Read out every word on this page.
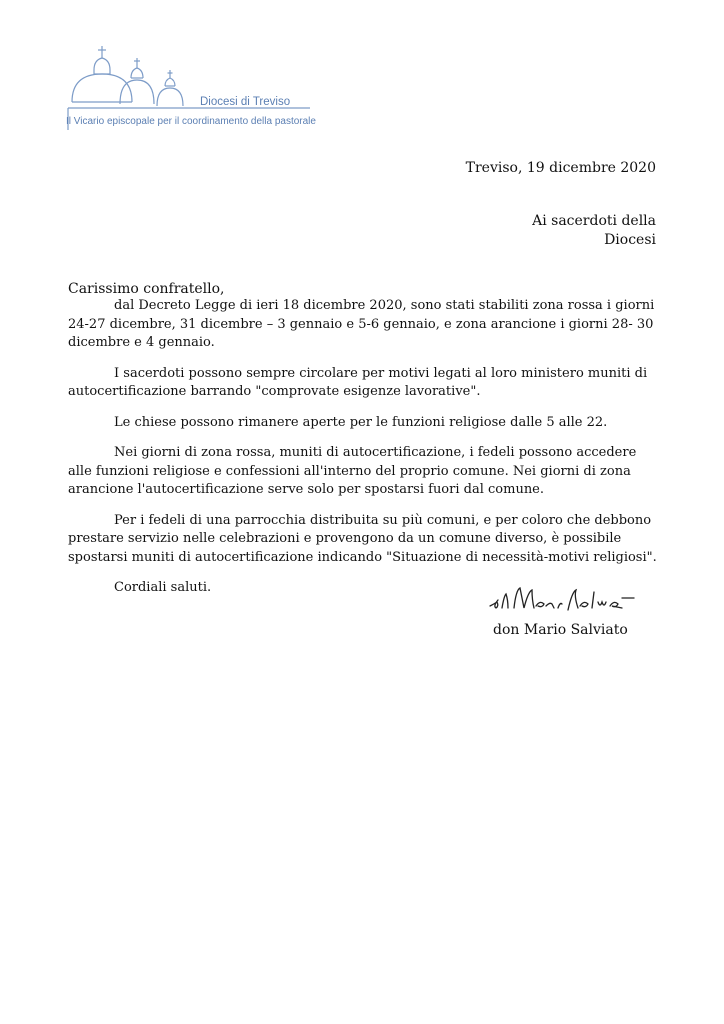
Diocesi di Treviso
Il Vicario episcopale per il coordinamento della pastorale
Treviso, 19 dicembre 2020
Ai sacerdoti della
Diocesi
Carissimo confratello,

dal Decreto Legge di ieri 18 dicembre 2020, sono stati stabiliti zona rossa i giorni 24-27 dicembre, 31 dicembre – 3 gennaio e 5-6 gennaio, e zona arancione i giorni 28- 30 dicembre e 4 gennaio.

I sacerdoti possono sempre circolare per motivi legati al loro ministero muniti di autocertificazione barrando "comprovate esigenze lavorative".

Le chiese possono rimanere aperte per le funzioni religiose dalle 5 alle 22.

Nei giorni di zona rossa, muniti di autocertificazione, i fedeli possono accedere alle funzioni religiose e confessioni all'interno del proprio comune. Nei giorni di zona arancione l'autocertificazione serve solo per spostarsi fuori dal comune.

Per i fedeli di una parrocchia distribuita su più comuni, e per coloro che debbono prestare servizio nelle celebrazioni e provengono da un comune diverso, è possibile spostarsi muniti di autocertificazione indicando "Situazione di necessità-motivi religiosi".

Cordiali saluti.

don Mario Salviato
